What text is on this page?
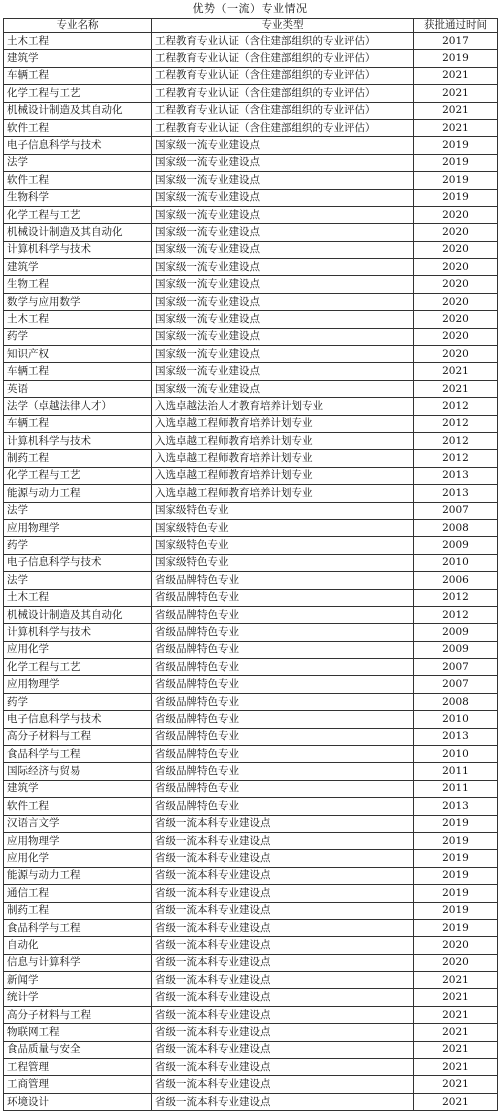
优势（一流）专业情况
专业名称	专业类型	获批通过时间
土木工程	工程教育专业认证（含住建部组织的专业评估）	2017
建筑学	工程教育专业认证（含住建部组织的专业评估）	2019
车辆工程	工程教育专业认证（含住建部组织的专业评估）	2021
化学工程与工艺	工程教育专业认证（含住建部组织的专业评估）	2021
机械设计制造及其自动化	工程教育专业认证（含住建部组织的专业评估）	2021
软件工程	工程教育专业认证（含住建部组织的专业评估）	2021
电子信息科学与技术	国家级一流专业建设点	2019
法学	国家级一流专业建设点	2019
软件工程	国家级一流专业建设点	2019
生物科学	国家级一流专业建设点	2019
化学工程与工艺	国家级一流专业建设点	2020
机械设计制造及其自动化	国家级一流专业建设点	2020
计算机科学与技术	国家级一流专业建设点	2020
建筑学	国家级一流专业建设点	2020
生物工程	国家级一流专业建设点	2020
数学与应用数学	国家级一流专业建设点	2020
土木工程	国家级一流专业建设点	2020
药学	国家级一流专业建设点	2020
知识产权	国家级一流专业建设点	2020
车辆工程	国家级一流专业建设点	2021
英语	国家级一流专业建设点	2021
法学（卓越法律人才）	入选卓越法治人才教育培养计划专业	2012
车辆工程	入选卓越工程师教育培养计划专业	2012
计算机科学与技术	入选卓越工程师教育培养计划专业	2012
制药工程	入选卓越工程师教育培养计划专业	2012
化学工程与工艺	入选卓越工程师教育培养计划专业	2013
能源与动力工程	入选卓越工程师教育培养计划专业	2013
法学	国家级特色专业	2007
应用物理学	国家级特色专业	2008
药学	国家级特色专业	2009
电子信息科学与技术	国家级特色专业	2010
法学	省级品牌特色专业	2006
土木工程	省级品牌特色专业	2012
机械设计制造及其自动化	省级品牌特色专业	2012
计算机科学与技术	省级品牌特色专业	2009
应用化学	省级品牌特色专业	2009
化学工程与工艺	省级品牌特色专业	2007
应用物理学	省级品牌特色专业	2007
药学	省级品牌特色专业	2008
电子信息科学与技术	省级品牌特色专业	2010
高分子材料与工程	省级品牌特色专业	2013
食品科学与工程	省级品牌特色专业	2010
国际经济与贸易	省级品牌特色专业	2011
建筑学	省级品牌特色专业	2011
软件工程	省级品牌特色专业	2013
汉语言文学	省级一流本科专业建设点	2019
应用物理学	省级一流本科专业建设点	2019
应用化学	省级一流本科专业建设点	2019
能源与动力工程	省级一流本科专业建设点	2019
通信工程	省级一流本科专业建设点	2019
制药工程	省级一流本科专业建设点	2019
食品科学与工程	省级一流本科专业建设点	2019
自动化	省级一流本科专业建设点	2020
信息与计算科学	省级一流本科专业建设点	2020
新闻学	省级一流本科专业建设点	2021
统计学	省级一流本科专业建设点	2021
高分子材料与工程	省级一流本科专业建设点	2021
物联网工程	省级一流本科专业建设点	2021
食品质量与安全	省级一流本科专业建设点	2021
工程管理	省级一流本科专业建设点	2021
工商管理	省级一流本科专业建设点	2021
环境设计	省级一流本科专业建设点	2021
